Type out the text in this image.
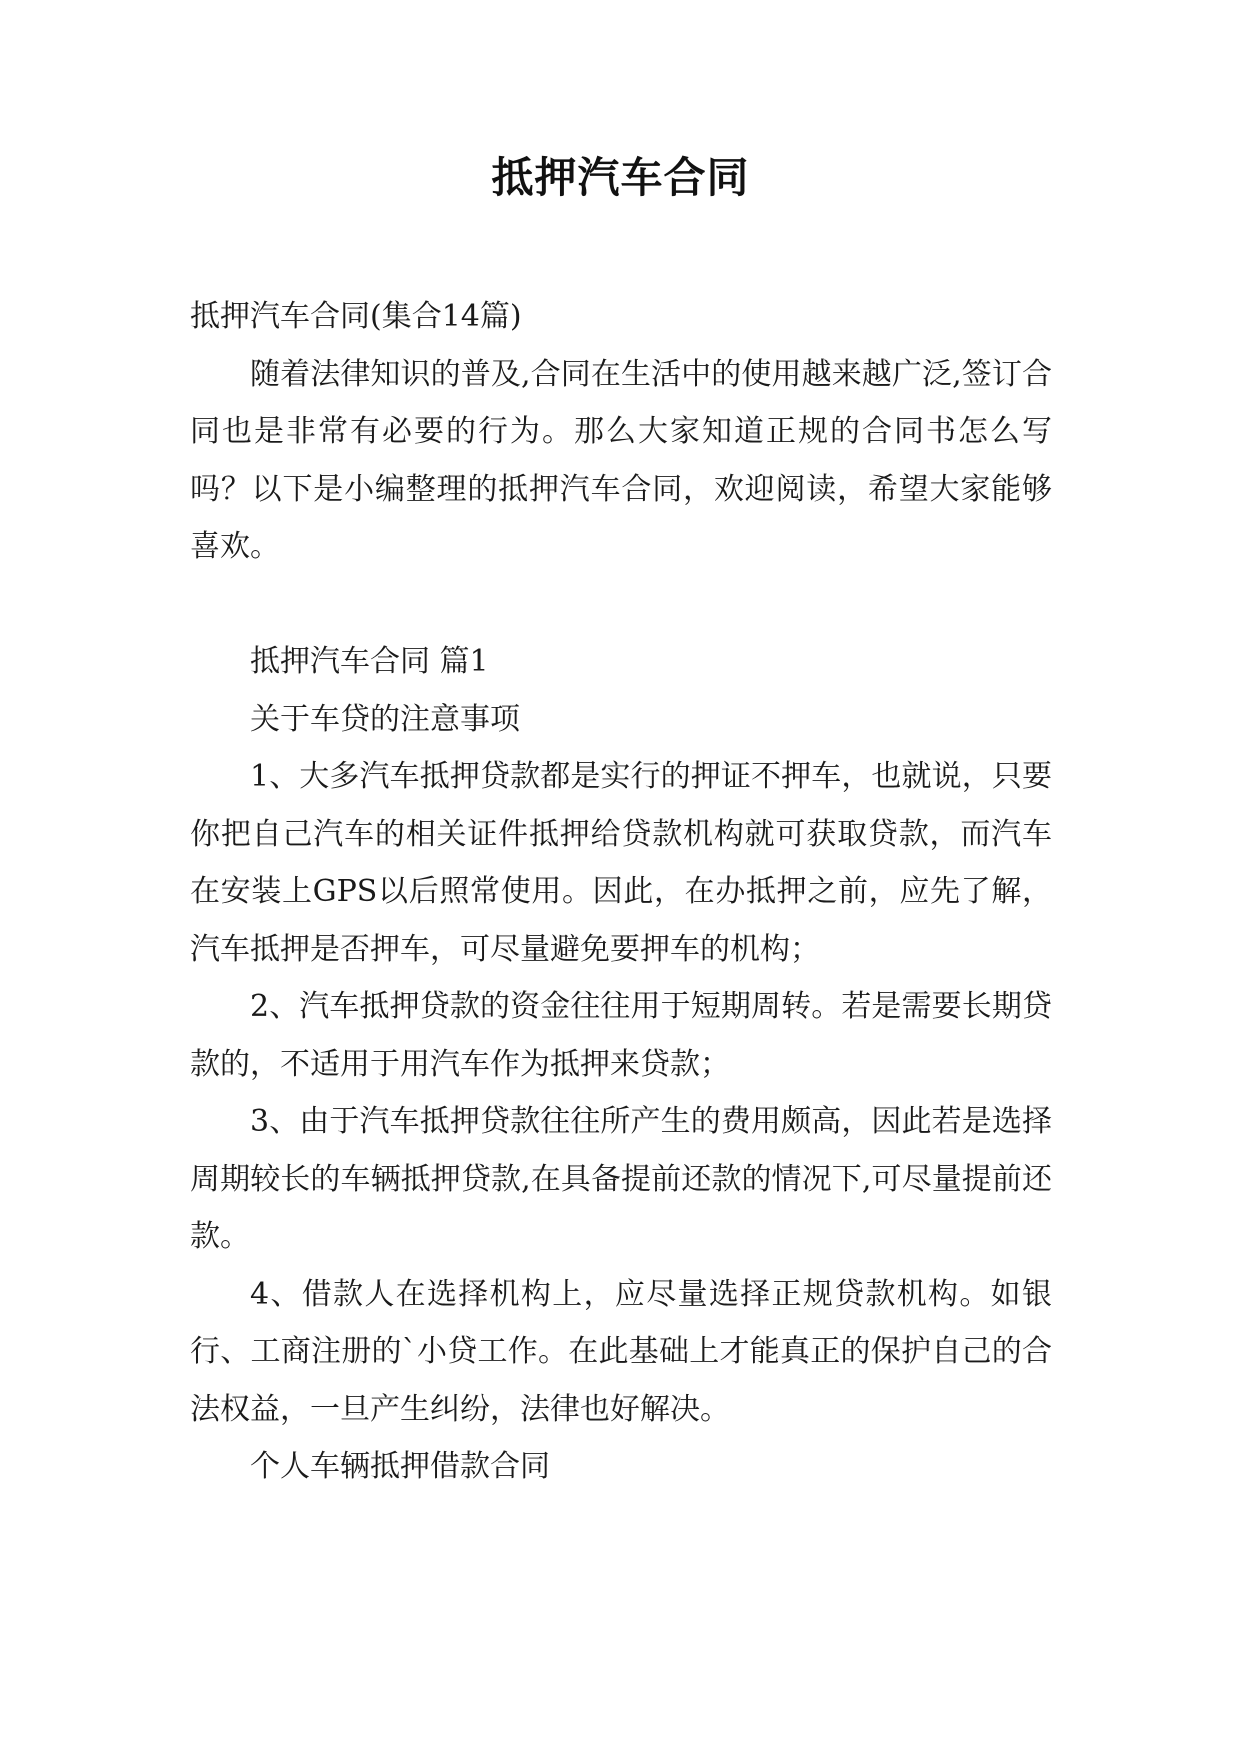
抵押汽车合同

抵押汽车合同(集合14篇)

随着法律知识的普及,合同在生活中的使用越来越广泛,签订合同也是非常有必要的行为。那么大家知道正规的合同书怎么写吗？以下是小编整理的抵押汽车合同，欢迎阅读，希望大家能够喜欢。

抵押汽车合同 篇1

关于车贷的注意事项

1、大多汽车抵押贷款都是实行的押证不押车，也就说，只要你把自己汽车的相关证件抵押给贷款机构就可获取贷款，而汽车在安装上GPS以后照常使用。因此，在办抵押之前，应先了解，汽车抵押是否押车，可尽量避免要押车的机构；

2、汽车抵押贷款的资金往往用于短期周转。若是需要长期贷款的，不适用于用汽车作为抵押来贷款；

3、由于汽车抵押贷款往往所产生的费用颇高，因此若是选择周期较长的车辆抵押贷款,在具备提前还款的情况下,可尽量提前还款。

4、借款人在选择机构上，应尽量选择正规贷款机构。如银行、工商注册的`小贷工作。在此基础上才能真正的保护自己的合法权益，一旦产生纠纷，法律也好解决。

个人车辆抵押借款合同
